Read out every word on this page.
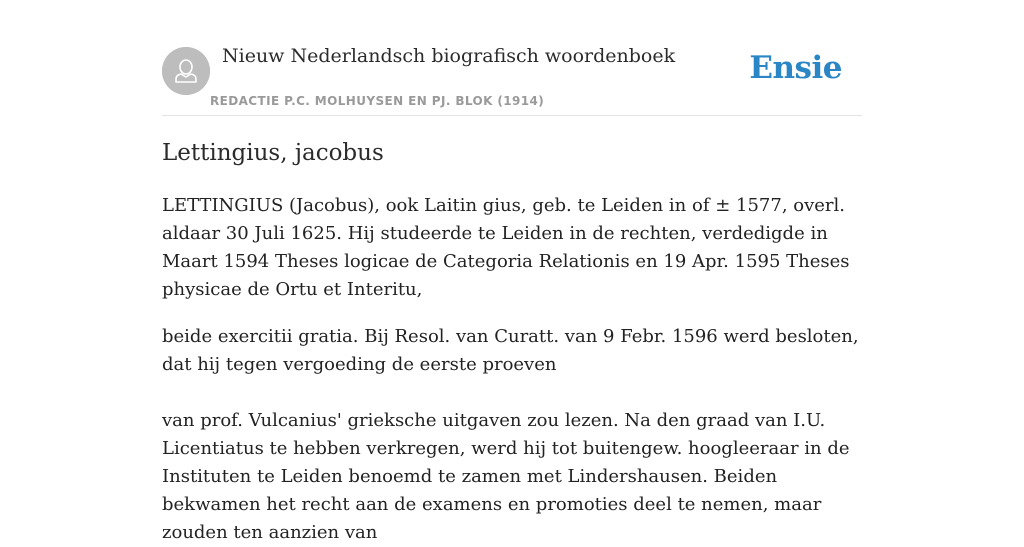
Nieuw Nederlandsch biografisch woordenboek
REDACTIE P.C. MOLHUYSEN EN PJ. BLOK (1914)
Ensie
Lettingius, jacobus

LETTINGIUS (Jacobus), ook Laitin gius, geb. te Leiden in of ± 1577, overl. aldaar 30 Juli 1625. Hij studeerde te Leiden in de rechten, verdedigde in Maart 1594 Theses logicae de Categoria Relationis en 19 Apr. 1595 Theses physicae de Ortu et Interitu,

beide exercitii gratia. Bij Resol. van Curatt. van 9 Febr. 1596 werd besloten, dat hij tegen vergoeding de eerste proeven

van prof. Vulcanius' grieksche uitgaven zou lezen. Na den graad van I.U. Licentiatus te hebben verkregen, werd hij tot buitengew. hoogleeraar in de Instituten te Leiden benoemd te zamen met Lindershausen. Beiden bekwamen het recht aan de examens en promoties deel te nemen, maar zouden ten aanzien van
